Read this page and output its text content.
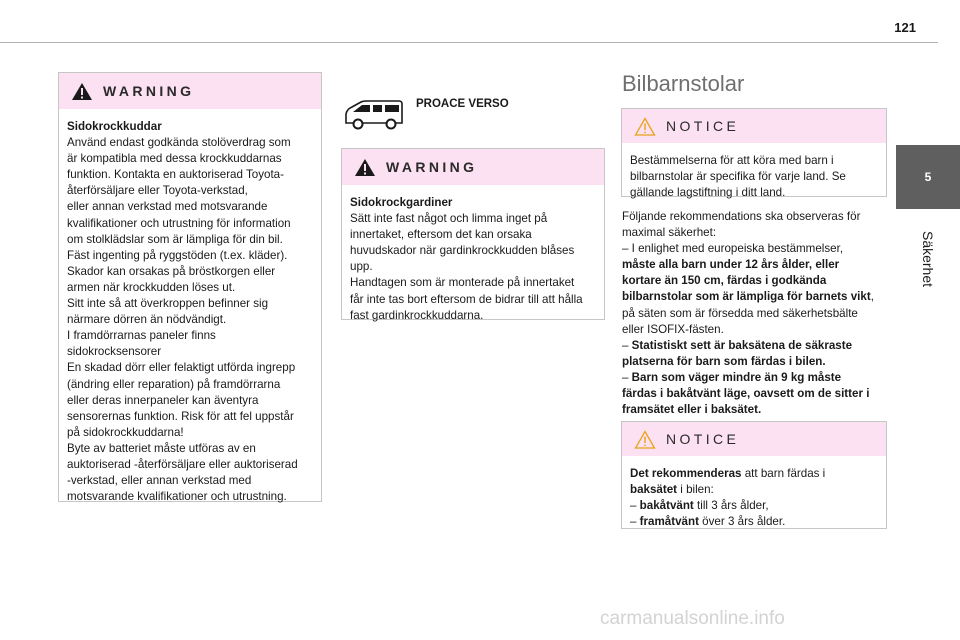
121
5
Säkerhet
WARNING

Sidokrockkuddar

Använd endast godkända stolöverdrag som

är kompatibla med dessa krockkuddarnas

funktion. Kontakta en auktoriserad Toyota-

återförsäljare eller Toyota-verkstad,

eller annan verkstad med motsvarande

kvalifikationer och utrustning för information

om stolklädslar som är lämpliga för din bil.

Fäst ingenting på ryggstöden (t.ex. kläder).

Skador kan orsakas på bröstkorgen eller

armen när krockkudden löses ut.

Sitt inte så att överkroppen befinner sig

närmare dörren än nödvändigt.

I framdörrarnas paneler finns

sidokrocksensorer

En skadad dörr eller felaktigt utförda ingrepp

(ändring eller reparation) på framdörrarna

eller deras innerpaneler kan äventyra

sensorernas funktion. Risk för att fel uppstår

på sidokrockkuddarna!

Byte av batteriet måste utföras av en

auktoriserad -återförsäljare eller auktoriserad

-verkstad, eller annan verkstad med

motsvarande kvalifikationer och utrustning.

PROACE VERSO
WARNING

Sidokrockgardiner

Sätt inte fast något och limma inget på

innertaket, eftersom det kan orsaka

huvudskador när gardinkrockkudden blåses

upp.

Handtagen som är monterade på innertaket

får inte tas bort eftersom de bidrar till att hålla

fast gardinkrockkuddarna.

Bilbarnstolar
NOTICE

Bestämmelserna för att köra med barn i

bilbarnstolar är specifika för varje land. Se

gällande lagstiftning i ditt land.

Följande rekommendations ska observeras för

maximal säkerhet:

– I enlighet med europeiska bestämmelser,

måste alla barn under 12 års ålder, eller

kortare än 150 cm, färdas i godkända

bilbarnstolar som är lämpliga för barnets vikt,

på säten som är försedda med säkerhetsbälte

eller ISOFIX-fästen.

– Statistiskt sett är baksätena de säkraste

platserna för barn som färdas i bilen.

– Barn som väger mindre än 9 kg måste

färdas i bakåtvänt läge, oavsett om de sitter i

framsätet eller i baksätet.

NOTICE

Det rekommenderas att barn färdas i

baksätet i bilen:

– bakåtvänt till 3 års ålder,

– framåtvänt över 3 års ålder.

carmanualsonline.info
